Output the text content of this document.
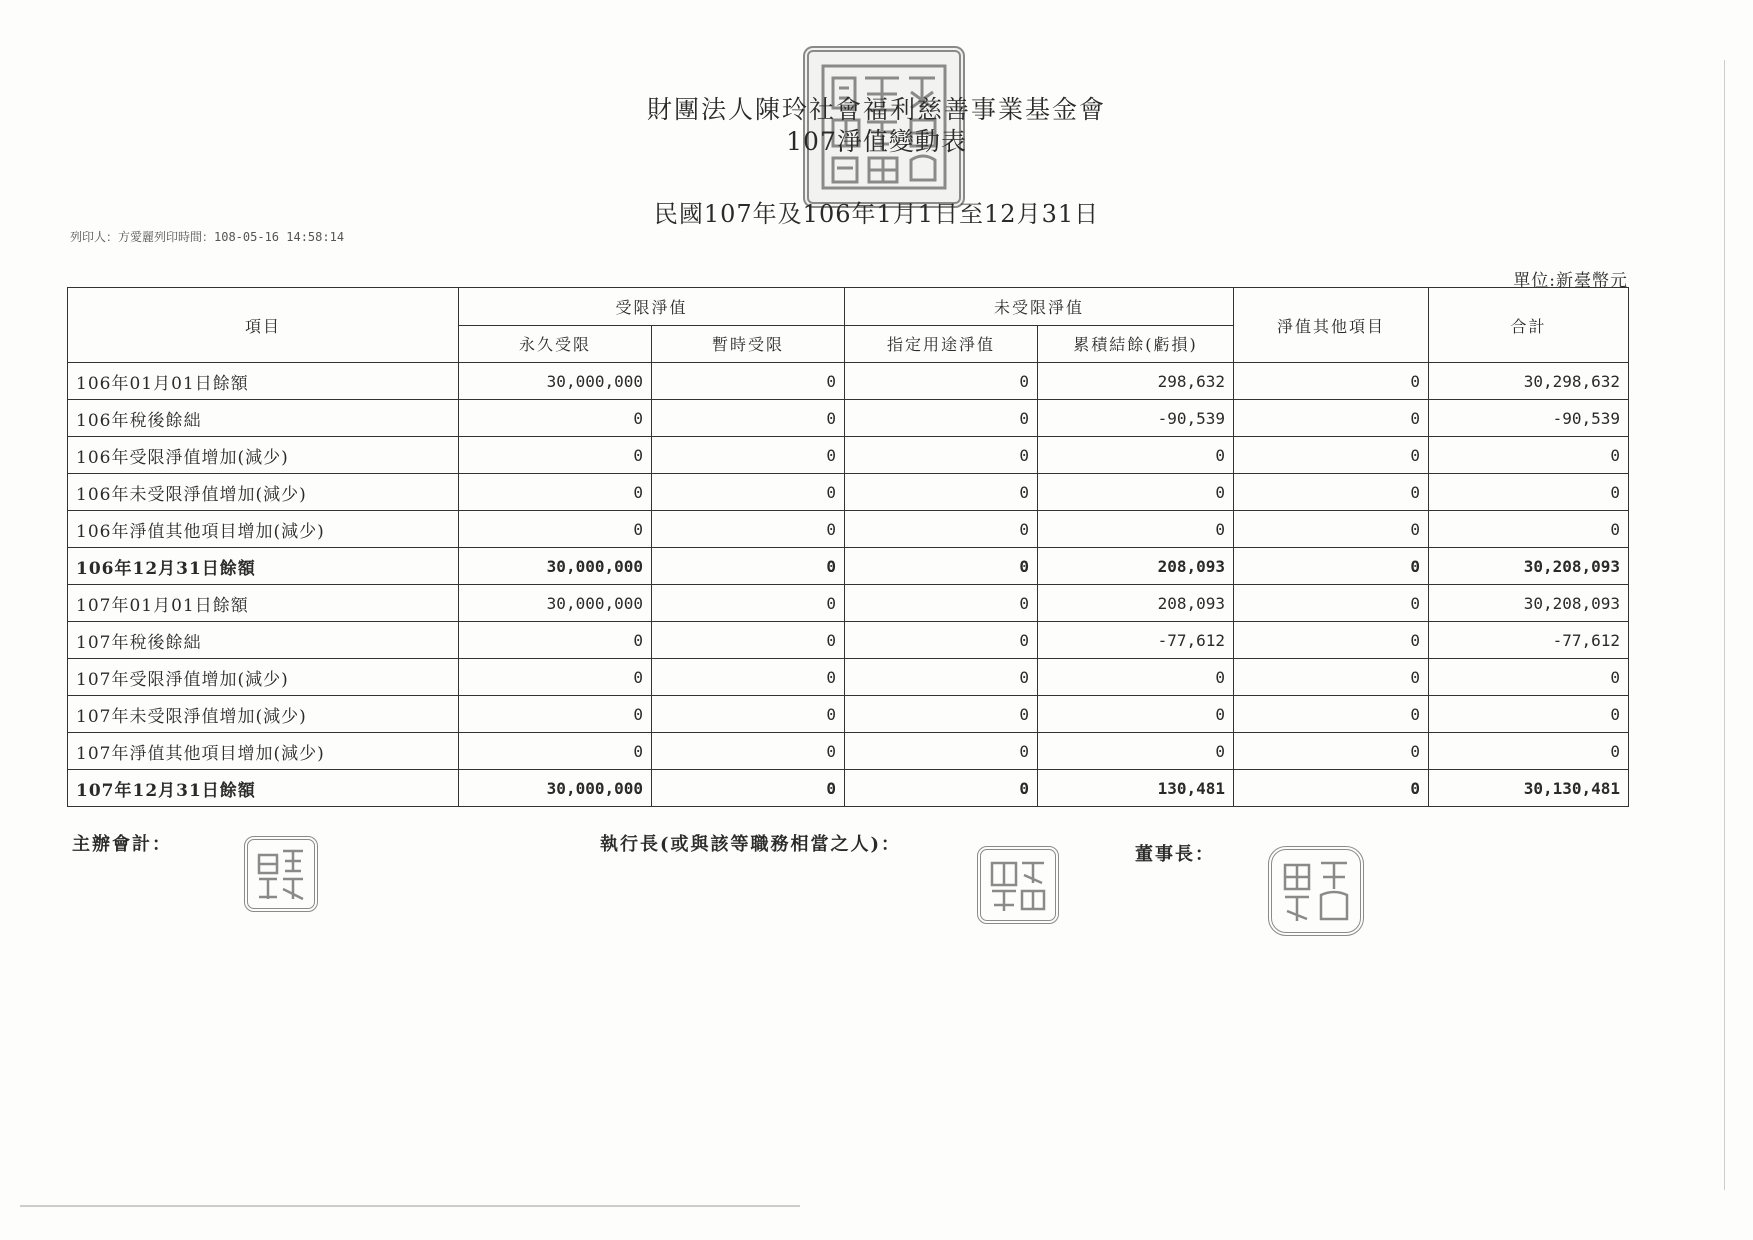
財團法人陳玲社會福利慈善事業基金會
107淨值變動表
民國107年及106年1月1日至12月31日
列印人：方愛麗列印時間：108-05-16 14:58:14
單位:新臺幣元
項目	受限淨值		未受限淨值		淨值其他項目	合計
	永久受限	暫時受限	指定用途淨值	累積結餘(虧損)		
106年01月01日餘額	30,000,000	0	0	298,632	0	30,298,632
106年稅後餘絀	0	0	0	-90,539	0	-90,539
106年受限淨值增加(減少)	0	0	0	0	0	0
106年未受限淨值增加(減少)	0	0	0	0	0	0
106年淨值其他項目增加(減少)	0	0	0	0	0	0
106年12月31日餘額	30,000,000	0	0	208,093	0	30,208,093
107年01月01日餘額	30,000,000	0	0	208,093	0	30,208,093
107年稅後餘絀	0	0	0	-77,612	0	-77,612
107年受限淨值增加(減少)	0	0	0	0	0	0
107年未受限淨值增加(減少)	0	0	0	0	0	0
107年淨值其他項目增加(減少)	0	0	0	0	0	0
107年12月31日餘額	30,000,000	0	0	130,481	0	30,130,481
主辦會計：	執行長(或與該等職務相當之人)：	董事長：
